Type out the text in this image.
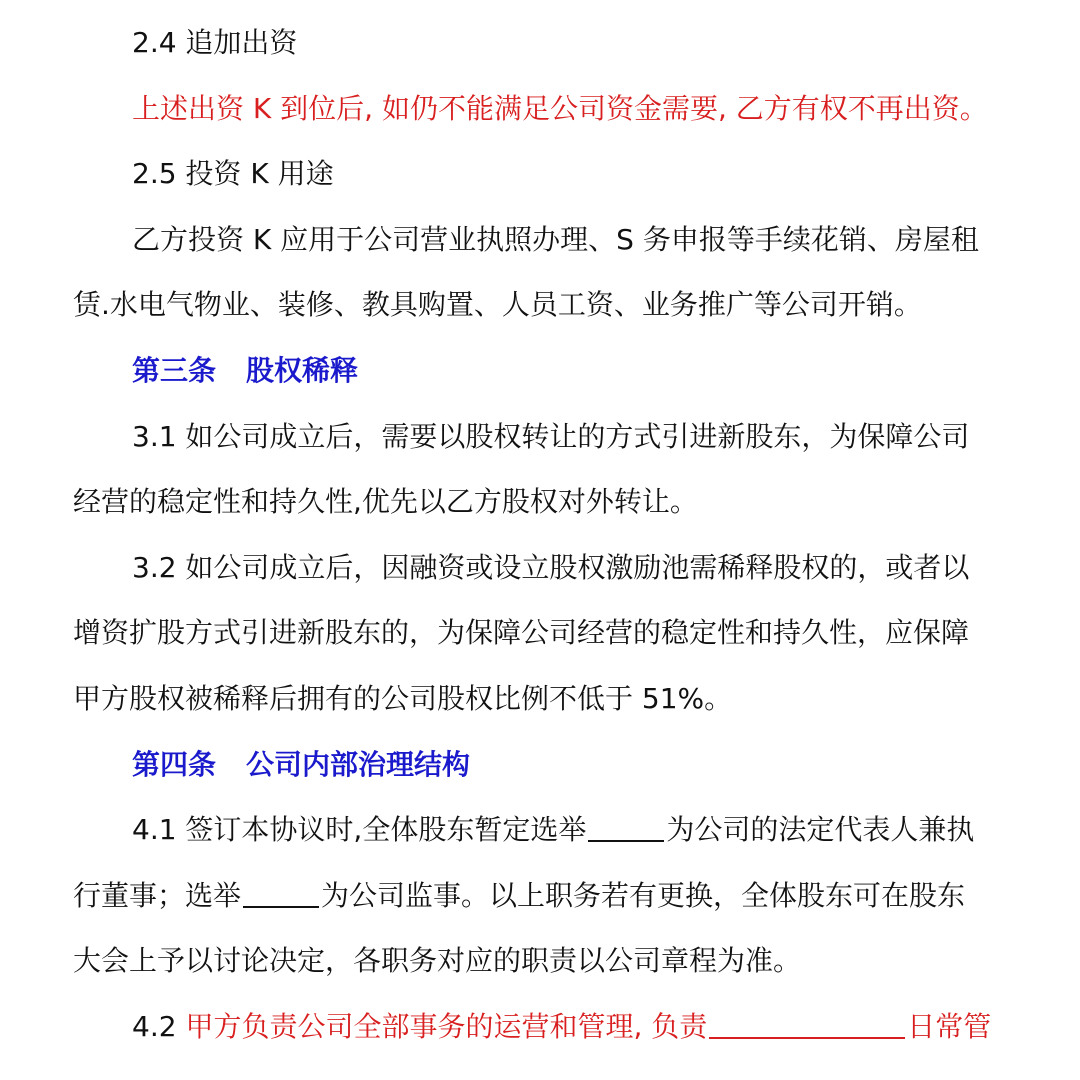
2.4 追加出资
上述出资 K 到位后, 如仍不能满足公司资金需要, 乙方有权不再出资。
2.5 投资 K 用途
乙方投资 K 应用于公司营业执照办理、S 务申报等手续花销、房屋租
赁.水电气物业、装修、教具购置、人员工资、业务推广等公司开销。
第三条 股权稀释
3.1 如公司成立后，需要以股权转让的方式引进新股东，为保障公司
经营的稳定性和持久性,优先以乙方股权对外转让。
3.2 如公司成立后，因融资或设立股权激励池需稀释股权的，或者以
增资扩股方式引进新股东的，为保障公司经营的稳定性和持久性，应保障
甲方股权被稀释后拥有的公司股权比例不低于 51%。
第四条 公司内部治理结构
4.1 签订本协议时,全体股东暂定选举	为公司的法定代表人兼执
行董事；选举	为公司监事。以上职务若有更换，全体股东可在股东
大会上予以讨论决定，各职务对应的职责以公司章程为准。
4.2 甲方负责公司全部事务的运营和管理, 负责	日常管
